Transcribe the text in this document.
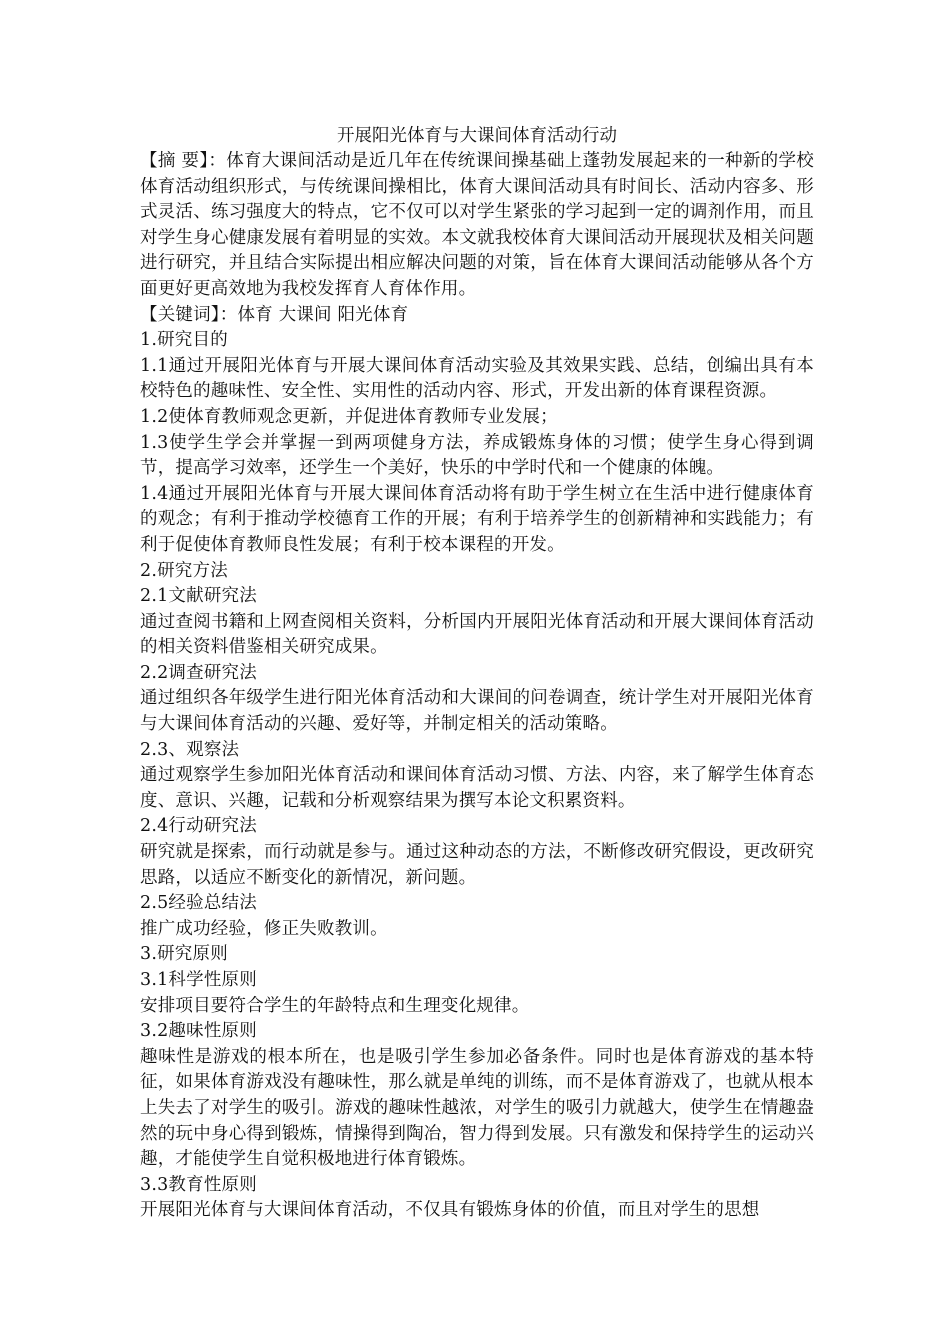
开展阳光体育与大课间体育活动行动

【摘 要】：体育大课间活动是近几年在传统课间操基础上蓬勃发展起来的一种新的学校体育活动组织形式，与传统课间操相比，体育大课间活动具有时间长、活动内容多、形式灵活、练习强度大的特点，它不仅可以对学生紧张的学习起到一定的调剂作用，而且对学生身心健康发展有着明显的实效。本文就我校体育大课间活动开展现状及相关问题进行研究，并且结合实际提出相应解决问题的对策，旨在体育大课间活动能够从各个方面更好更高效地为我校发挥育人育体作用。

【关键词】：体育 大课间 阳光体育

1.研究目的

1.1通过开展阳光体育与开展大课间体育活动实验及其效果实践、总结，创编出具有本校特色的趣味性、安全性、实用性的活动内容、形式，开发出新的体育课程资源。

1.2使体育教师观念更新，并促进体育教师专业发展；

1.3使学生学会并掌握一到两项健身方法，养成锻炼身体的习惯；使学生身心得到调节，提高学习效率，还学生一个美好，快乐的中学时代和一个健康的体魄。

1.4通过开展阳光体育与开展大课间体育活动将有助于学生树立在生活中进行健康体育的观念；有利于推动学校德育工作的开展；有利于培养学生的创新精神和实践能力；有利于促使体育教师良性发展；有利于校本课程的开发。

2.研究方法

2.1文献研究法

通过查阅书籍和上网查阅相关资料，分析国内开展阳光体育活动和开展大课间体育活动的相关资料借鉴相关研究成果。

2.2调查研究法

通过组织各年级学生进行阳光体育活动和大课间的问卷调查，统计学生对开展阳光体育与大课间体育活动的兴趣、爱好等，并制定相关的活动策略。

2.3、观察法

通过观察学生参加阳光体育活动和课间体育活动习惯、方法、内容，来了解学生体育态度、意识、兴趣，记载和分析观察结果为撰写本论文积累资料。

2.4行动研究法

研究就是探索，而行动就是参与。通过这种动态的方法，不断修改研究假设，更改研究思路，以适应不断变化的新情况，新问题。

2.5经验总结法

推广成功经验，修正失败教训。

3.研究原则

3.1科学性原则

安排项目要符合学生的年龄特点和生理变化规律。

3.2趣味性原则

趣味性是游戏的根本所在，也是吸引学生参加必备条件。同时也是体育游戏的基本特征，如果体育游戏没有趣味性，那么就是单纯的训练，而不是体育游戏了，也就从根本上失去了对学生的吸引。游戏的趣味性越浓，对学生的吸引力就越大，使学生在情趣盎然的玩中身心得到锻炼，情操得到陶冶，智力得到发展。只有激发和保持学生的运动兴趣，才能使学生自觉积极地进行体育锻炼。

3.3教育性原则

开展阳光体育与大课间体育活动，不仅具有锻炼身体的价值，而且对学生的思想
